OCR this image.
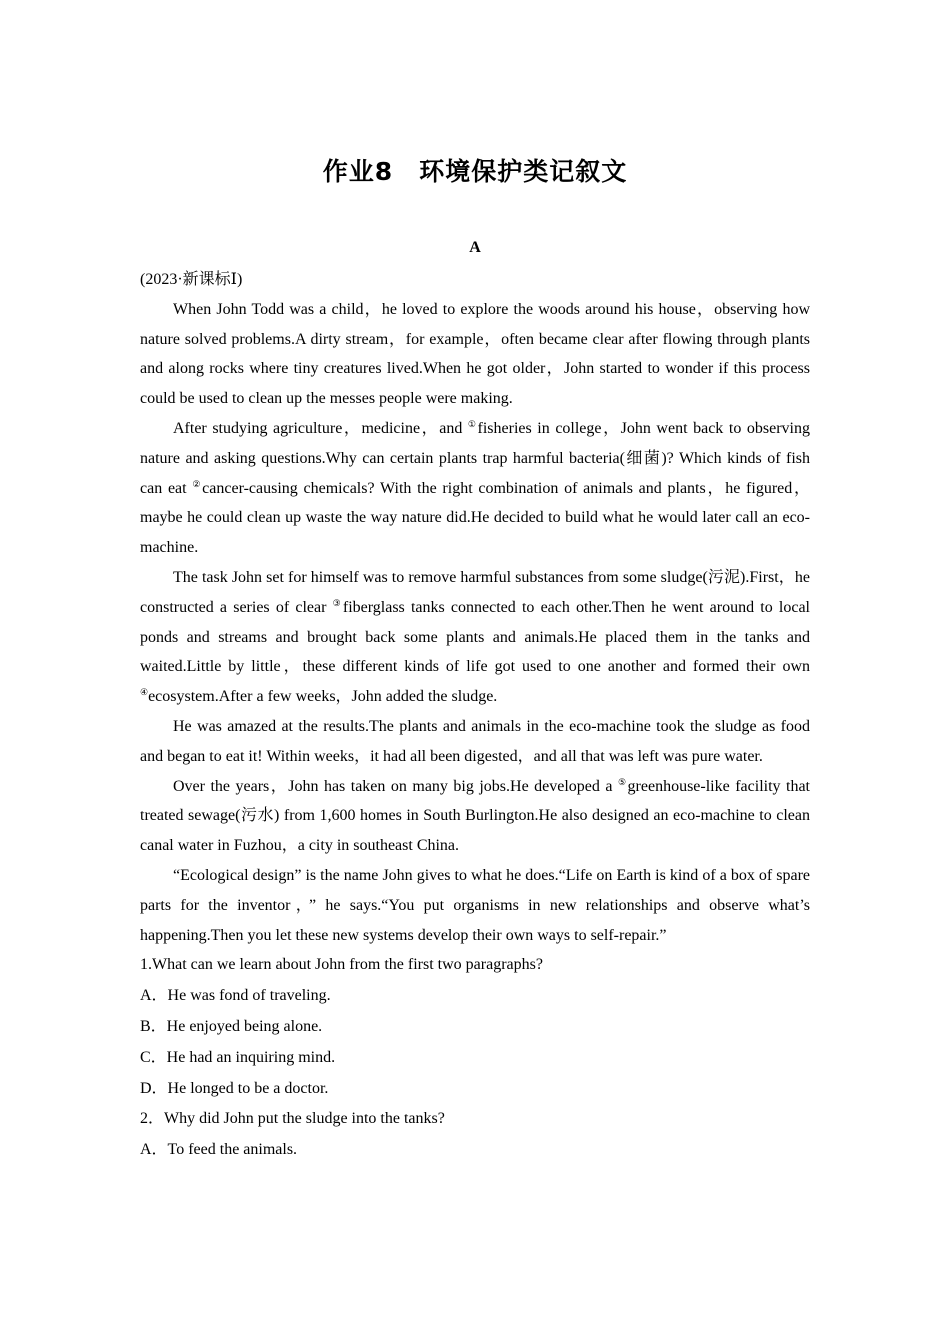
作业8　环境保护类记叙文
A

(2023·新课标Ⅰ)

When John Todd was a child，he loved to explore the woods around his house，observing how nature solved problems.A dirty stream，for example，often became clear after flowing through plants and along rocks where tiny creatures lived.When he got older，John started to wonder if this process could be used to clean up the messes people were making.

After studying agriculture，medicine，and ①fisheries in college，John went back to observing nature and asking questions.Why can certain plants trap harmful bacteria(细菌)? Which kinds of fish can eat ②cancer-causing chemicals? With the right combination of animals and plants，he figured，maybe he could clean up waste the way nature did.He decided to build what he would later call an eco-machine.

The task John set for himself was to remove harmful substances from some sludge(污泥).First，he constructed a series of clear ③fiberglass tanks connected to each other.Then he went around to local ponds and streams and brought back some plants and animals.He placed them in the tanks and waited.Little by little，these different kinds of life got used to one another and formed their own ④ecosystem.After a few weeks，John added the sludge.

He was amazed at the results.The plants and animals in the eco-machine took the sludge as food and began to eat it! Within weeks，it had all been digested，and all that was left was pure water.

Over the years，John has taken on many big jobs.He developed a ⑤greenhouse-like facility that treated sewage(污水) from 1,600 homes in South Burlington.He also designed an eco-machine to clean canal water in Fuzhou，a city in southeast China.

“Ecological design” is the name John gives to what he does.“Life on Earth is kind of a box of spare parts for the inventor，” he says.“You put organisms in new relationships and observe what’s happening.Then you let these new systems develop their own ways to self-repair.”

1.What can we learn about John from the first two paragraphs?

A．He was fond of traveling.

B．He enjoyed being alone.

C．He had an inquiring mind.

D．He longed to be a doctor.

2．Why did John put the sludge into the tanks?

A．To feed the animals.
